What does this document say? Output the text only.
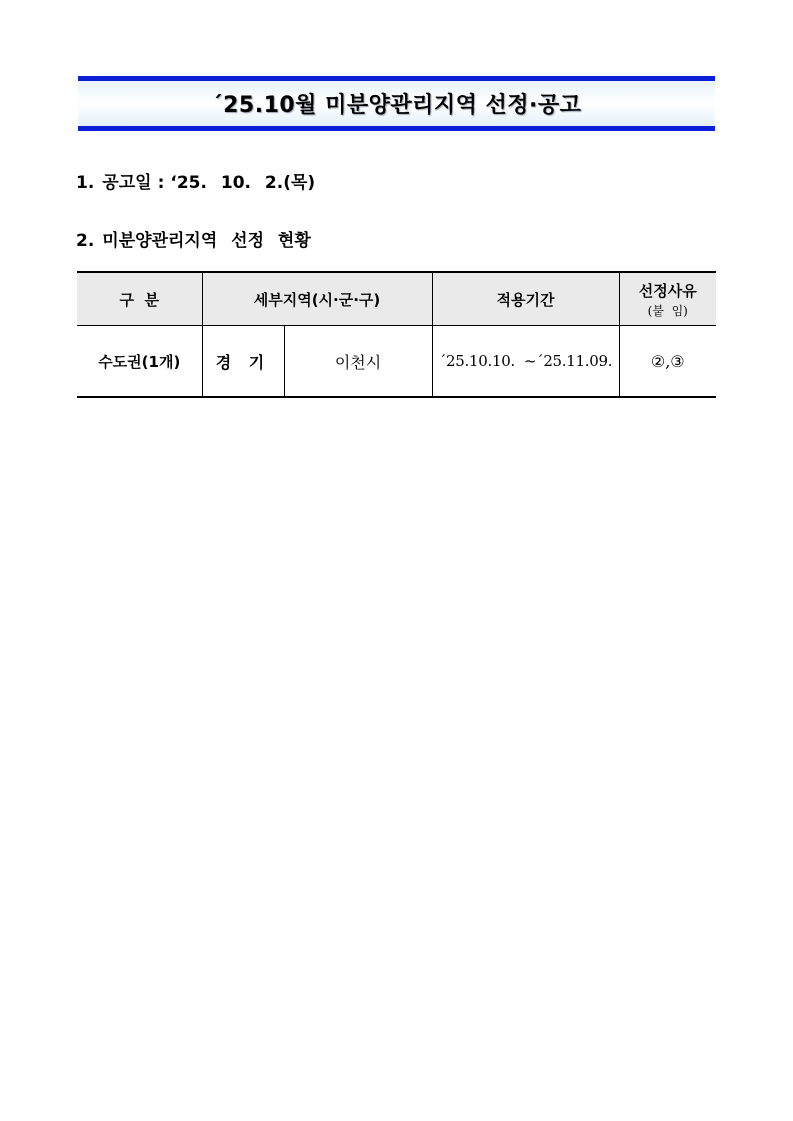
´25.10월 미분양관리지역 선정·공고
1. 공고일 : ‘25. 10. 2.(목)
2. 미분양관리지역 선정 현황
구  분	세부지역(시·군·구)		적용기간	선정사유
(붙  임)

수도권(1개)	경 기	이천시	´25.10.10.  ~´25.11.09.	②,③
